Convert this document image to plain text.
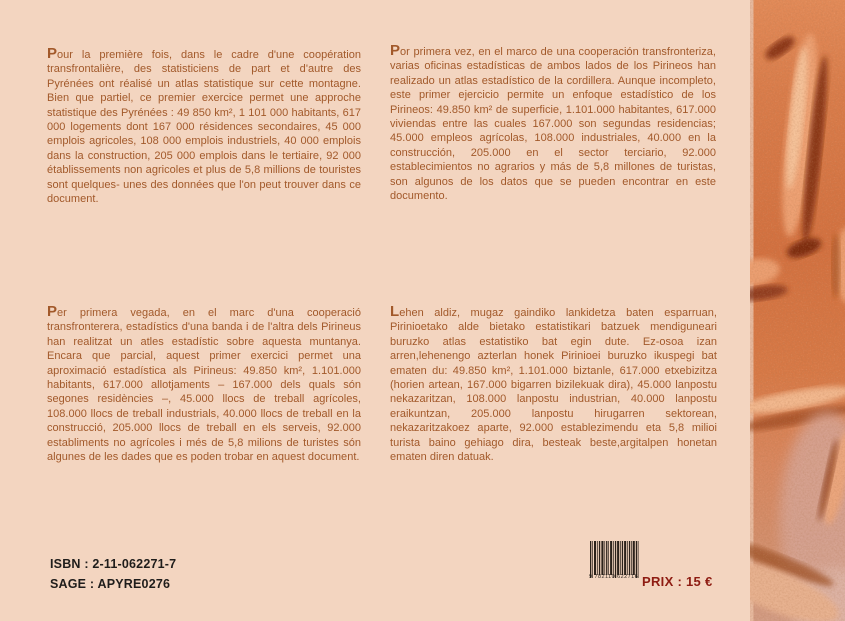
Pour la première fois, dans le cadre d'une coopération transfrontalière, des statisticiens de part et d'autre des Pyrénées ont réalisé un atlas statistique sur cette montagne. Bien que partiel, ce premier exercice permet une approche statistique des Pyrénées : 49 850 km², 1 101 000 habitants, 617 000 logements dont 167 000 résidences secondaires, 45 000 emplois agricoles, 108 000 emplois industriels, 40 000 emplois dans la construction, 205 000 emplois dans le tertiaire, 92 000 établissements non agricoles et plus de 5,8 millions de touristes sont quelques- unes des données que l'on peut trouver dans ce document.
Por primera vez, en el marco de una cooperación transfronteriza, varias oficinas estadísticas de ambos lados de los Pirineos han realizado un atlas estadístico de la cordillera. Aunque incompleto, este primer ejercicio permite un enfoque estadístico de los Pirineos: 49.850 km² de superficie, 1.101.000 habitantes, 617.000 viviendas entre las cuales 167.000 son segundas residencias; 45.000 empleos agrícolas, 108.000 industriales, 40.000 en la construcción, 205.000 en el sector terciario, 92.000 establecimientos no agrarios y más de 5,8 millones de turistas, son algunos de los datos que se pueden encontrar en este documento.
Per primera vegada, en el marc d'una cooperació transfronterera, estadístics d'una banda i de l'altra dels Pirineus han realitzat un atles estadístic sobre aquesta muntanya. Encara que parcial, aquest primer exercici permet una aproximació estadística als Pirineus: 49.850 km², 1.101.000 habitants, 617.000 allotjaments – 167.000 dels quals són segones residències –, 45.000 llocs de treball agrícoles, 108.000 llocs de treball industrials, 40.000 llocs de treball en la construcció, 205.000 llocs de treball en els serveis, 92.000 establiments no agrícoles i més de 5,8 milions de turistes són algunes de les dades que es poden trobar en aquest document.
Lehen aldiz, mugaz gaindiko lankidetza baten esparruan, Pirinioetako alde bietako estatistikari batzuek mendiguneari buruzko atlas estatistiko bat egin dute. Ez-osoa izan arren,lehenengo azterlan honek Pirinioei buruzko ikuspegi bat ematen du: 49.850 km², 1.101.000 biztanle, 617.000 etxebizitza (horien artean, 167.000 bigarren bizilekuak dira), 45.000 lanpostu nekazaritzan, 108.000 lanpostu industrian, 40.000 lanpostu eraikuntzan, 205.000 lanpostu hirugarren sektorean, nekazaritzakoez aparte, 92.000 establezimendu eta 5,8 milioi turista baino gehiago dira, besteak beste,argitalpen honetan ematen diren datuak.
ISBN : 2-11-062271-7
SAGE : APYRE0276	9 782110 622716 PRIX : 15 €
